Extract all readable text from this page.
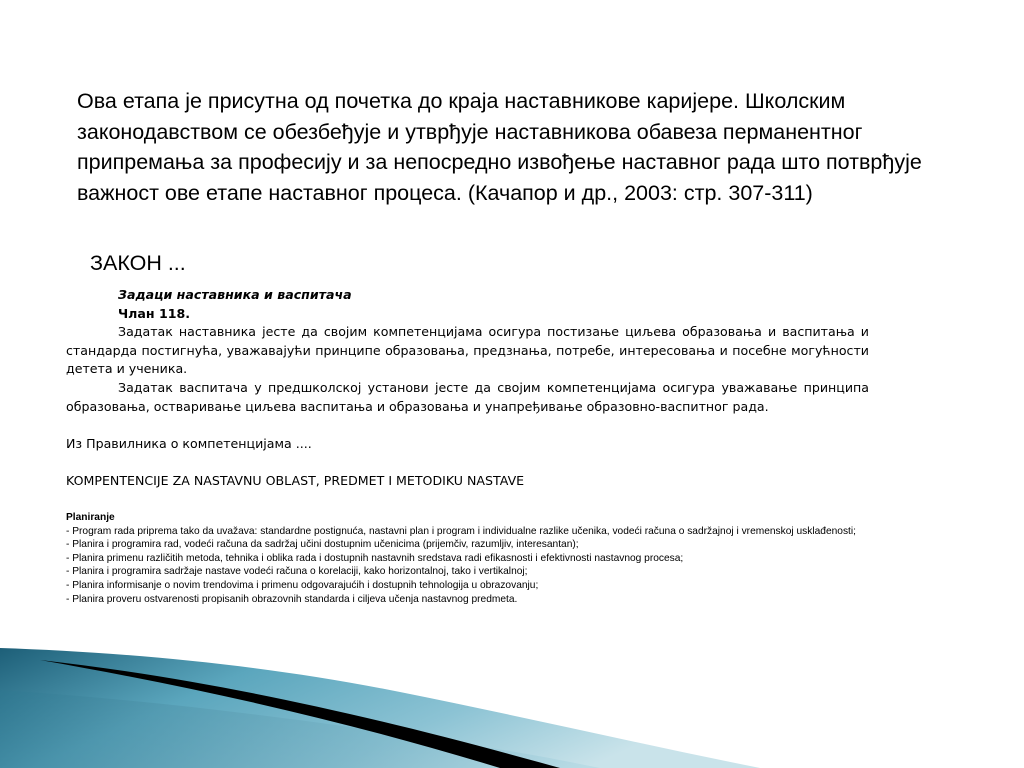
Ова етапа је присутна од почетка до краја наставникове каријере. Школским законодавством се обезбеђује и утврђује наставникова обавеза перманентног припремања за професију и за непосредно извођење наставног рада што потврђује важност ове етапе наставног процеса. (Качапор и др., 2003: стр. 307-311)

ЗАКОН ...

Задаци наставника и васпитача

Члан 118.

Задатак наставника јесте да својим компетенцијама осигура постизање циљева образовања и васпитања и стандарда постигнућа, уважавајући принципе образовања, предзнања, потребе, интересовања и посебне могућности детета и ученика.

Задатак васпитача у предшколској установи јесте да својим компетенцијама осигура уважавање принципа образовања, остваривање циљева васпитања и образовања и унапређивање образовно-васпитног рада.

Из Правилника о компетенцијама ....

KOMPENTENCIJE ZA NASTAVNU OBLAST, PREDMET I METODIKU NASTAVE

Planiranje

- Program rada priprema tako da uvažava: standardne postignuća, nastavni plan i program i individualne razlike učenika, vodeći računa o sadržajnoj i vremenskoj usklađenosti;

- Planira i programira rad, vodeći računa da sadržaj učini dostupnim učenicima (prijemčiv, razumljiv, interesantan);

- Planira primenu različitih metoda, tehnika i oblika rada i dostupnih nastavnih sredstava radi efikasnosti i efektivnosti nastavnog procesa;

- Planira i programira sadržaje nastave vodeći računa o korelaciji, kako horizontalnoj, tako i vertikalnoj;

- Planira informisanje o novim trendovima i primenu odgovarajućih i dostupnih tehnologija u obrazovanju;

- Planira proveru ostvarenosti propisanih obrazovnih standarda i ciljeva učenja nastavnog predmeta.
